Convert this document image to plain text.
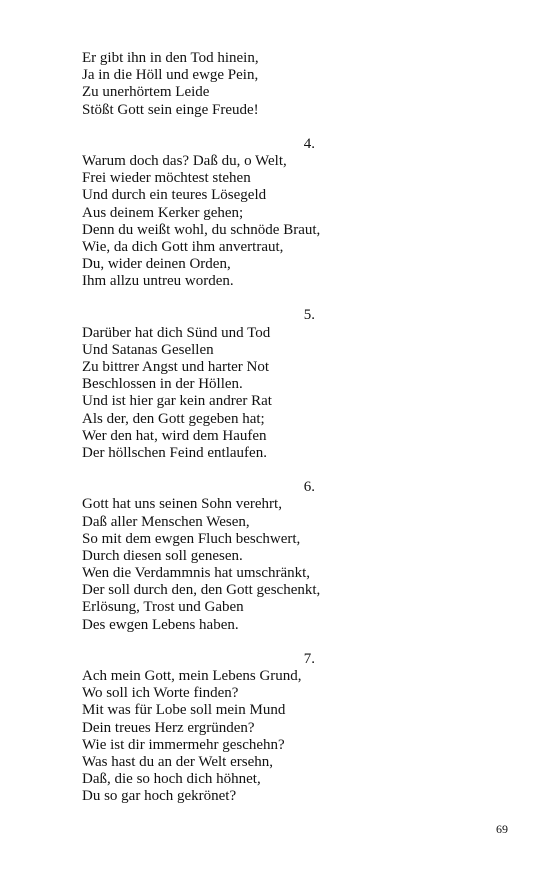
Er gibt ihn in den Tod hinein,
Ja in die Höll und ewge Pein,
Zu unerhörtem Leide
Stößt Gott sein einge Freude!
4.
Warum doch das? Daß du, o Welt,
Frei wieder möchtest stehen
Und durch ein teures Lösegeld
Aus deinem Kerker gehen;
Denn du weißt wohl, du schnöde Braut,
Wie, da dich Gott ihm anvertraut,
Du, wider deinen Orden,
Ihm allzu untreu worden.
5.
Darüber hat dich Sünd und Tod
Und Satanas Gesellen
Zu bittrer Angst und harter Not
Beschlossen in der Höllen.
Und ist hier gar kein andrer Rat
Als der, den Gott gegeben hat;
Wer den hat, wird dem Haufen
Der höllschen Feind entlaufen.
6.
Gott hat uns seinen Sohn verehrt,
Daß aller Menschen Wesen,
So mit dem ewgen Fluch beschwert,
Durch diesen soll genesen.
Wen die Verdammnis hat umschränkt,
Der soll durch den, den Gott geschenkt,
Erlösung, Trost und Gaben
Des ewgen Lebens haben.
7.
Ach mein Gott, mein Lebens Grund,
Wo soll ich Worte finden?
Mit was für Lobe soll mein Mund
Dein treues Herz ergründen?
Wie ist dir immermehr geschehn?
Was hast du an der Welt ersehn,
Daß, die so hoch dich höhnet,
Du so gar hoch gekrönet?
69
